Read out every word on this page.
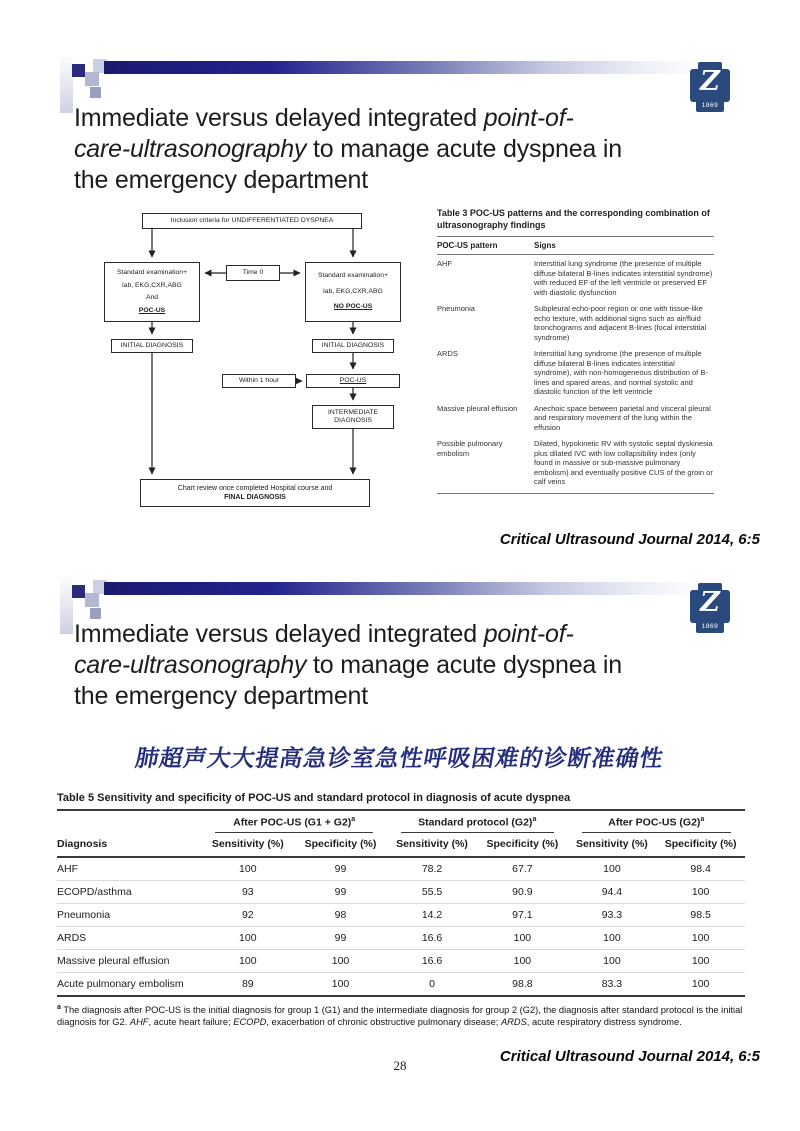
Z
1869
Immediate versus delayed integrated point-of-care-ultrasonography to manage acute dyspnea in the emergency department
Inclusion criteria for UNDIFFERENTIATED DYSPNEA
Standard examination+
lab, EKG,CXR,ABG
And
POC-US
Time 0	Standard examination+
lab, EKG,CXR,ABG
NO POC-US
INITIAL DIAGNOSIS	INITIAL DIAGNOSIS
Within 1 hour	POC-US
INTERMEDIATE DIAGNOSIS
Chart review once completed Hospital course and
FINAL DIAGNOSIS
Table 3 POC-US patterns and the corresponding combination of ultrasonography findings
POC-US pattern	Signs
AHF	Interstitial lung syndrome (the presence of multiple diffuse bilateral B-lines indicates interstitial syndrome) with reduced EF of the left ventricle or preserved EF with diastolic dysfunction
Pneumonia	Subpleural echo-poor region or one with tissue-like echo texture, with additional signs such as air/fluid bronchograms and adjacent B-lines (focal interstitial syndrome)
ARDS	Interstitial lung syndrome (the presence of multiple diffuse bilateral B-lines indicates interstitial syndrome), with non-homogeneous distribution of B-lines and spared areas, and normal systolic and diastolic function of the left ventricle
Massive pleural effusion	Anechoic space between parietal and visceral pleural and respiratory movement of the lung within the effusion
Possible pulmonary embolism	Dilated, hypokinetic RV with systolic septal dyskinesia plus dilated IVC with low collapsibility index (only found in massive or sub-massive pulmonary embolism) and eventually positive CUS of the groin or calf veins
Critical Ultrasound Journal 2014, 6:5
Z
1869
Immediate versus delayed integrated point-of-care-ultrasonography to manage acute dyspnea in the emergency department
肺超声大大提高急诊室急性呼吸困难的诊断准确性
Table 5 Sensitivity and specificity of POC-US and standard protocol in diagnosis of acute dyspnea

	After POC-US $(G1 + G2)^a$		Standard protocol $(G2)^a$		After POC-US $(G2)^a$

Diagnosis	Sensitivity (%)	Specificity (%)	Sensitivity (%)	Specificity (%)	Sensitivity (%)	Specificity (%)
AHF	100	99	78.2	67.7	100	98.4
ECOPD/asthma	93	99	55.5	90.9	94.4	100
Pneumonia	92	98	14.2	97.1	93.3	98.5
ARDS	100	99	16.6	100	100	100
Massive pleural effusion	100	100	16.6	100	100	100
Acute pulmonary embolism	89	100	0	98.8	83.3	100
$^a$ The diagnosis after POC-US is the initial diagnosis for group 1 (G1) and the intermediate diagnosis for group 2 (G2), the diagnosis after standard protocol is the initial diagnosis for G2. AHF, acute heart failure; ECOPD, exacerbation of chronic obstructive pulmonary disease; ARDS, acute respiratory distress syndrome.
28
Critical Ultrasound Journal 2014, 6:5
